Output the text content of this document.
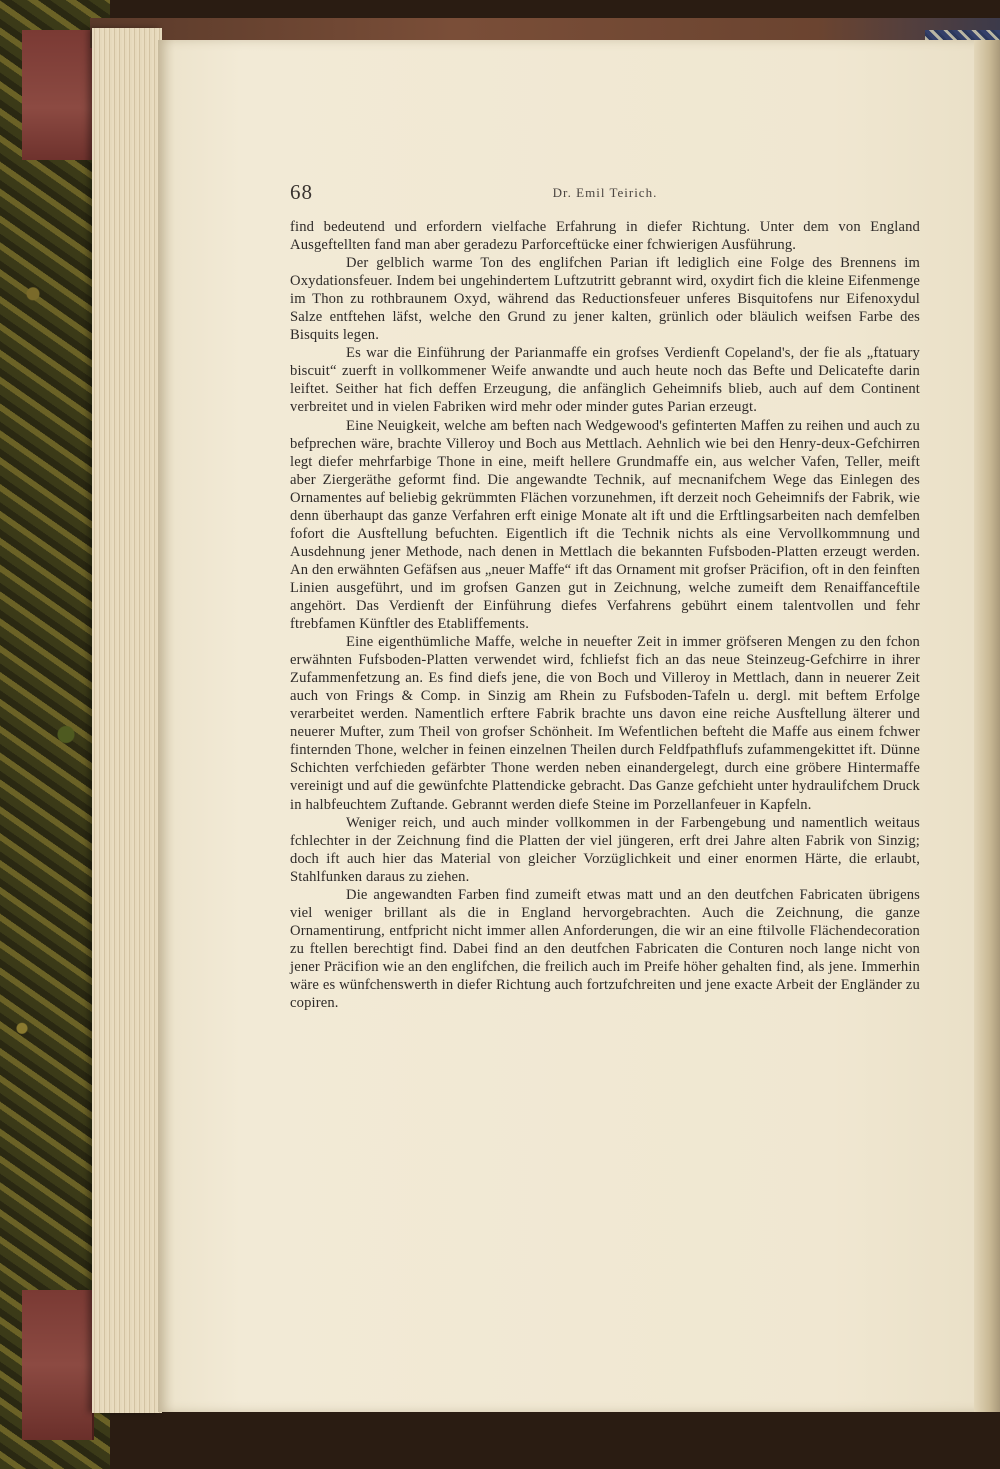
68	Dr. Emil Teirich.

find bedeutend und erfordern vielfache Erfahrung in diefer Richtung. Unter dem von England Ausgeftellten fand man aber geradezu Parforceftücke einer fchwierigen Ausführung.

Der gelblich warme Ton des englifchen Parian ift lediglich eine Folge des Brennens im Oxydationsfeuer. Indem bei ungehindertem Luftzutritt gebrannt wird, oxydirt fich die kleine Eifenmenge im Thon zu rothbraunem Oxyd, während das Reductionsfeuer unferes Bisquitofens nur Eifenoxydul Salze entftehen läfst, welche den Grund zu jener kalten, grünlich oder bläulich weifsen Farbe des Bisquits legen.

Es war die Einführung der Parianmaffe ein grofses Verdienft Copeland's, der fie als „ftatuary biscuit“ zuerft in vollkommener Weife anwandte und auch heute noch das Befte und Delicatefte darin leiftet. Seither hat fich deffen Erzeugung, die anfänglich Geheimnifs blieb, auch auf dem Continent verbreitet und in vielen Fabriken wird mehr oder minder gutes Parian erzeugt.

Eine Neuigkeit, welche am beften nach Wedgewood's gefinterten Maffen zu reihen und auch zu befprechen wäre, brachte Villeroy und Boch aus Mettlach. Aehnlich wie bei den Henry-deux-Gefchirren legt diefer mehrfarbige Thone in eine, meift hellere Grundmaffe ein, aus welcher Vafen, Teller, meift aber Ziergeräthe geformt find. Die angewandte Technik, auf mecnanifchem Wege das Einlegen des Ornamentes auf beliebig gekrümmten Flächen vorzunehmen, ift derzeit noch Geheimnifs der Fabrik, wie denn überhaupt das ganze Verfahren erft einige Monate alt ift und die Erftlingsarbeiten nach demfelben fofort die Ausftellung befuchten. Eigentlich ift die Technik nichts als eine Vervollkommnung und Ausdehnung jener Methode, nach denen in Mettlach die bekannten Fufsboden-Platten erzeugt werden. An den erwähnten Gefäfsen aus „neuer Maffe“ ift das Ornament mit grofser Präcifion, oft in den feinften Linien ausgeführt, und im grofsen Ganzen gut in Zeichnung, welche zumeift dem Renaiffanceftile angehört. Das Verdienft der Einführung diefes Verfahrens gebührt einem talentvollen und fehr ftrebfamen Künftler des Etabliffements.

Eine eigenthümliche Maffe, welche in neuefter Zeit in immer gröfseren Mengen zu den fchon erwähnten Fufsboden-Platten verwendet wird, fchliefst fich an das neue Steinzeug-Gefchirre in ihrer Zufammenfetzung an. Es find diefs jene, die von Boch und Villeroy in Mettlach, dann in neuerer Zeit auch von Frings & Comp. in Sinzig am Rhein zu Fufsboden-Tafeln u. dergl. mit beftem Erfolge verarbeitet werden. Namentlich erftere Fabrik brachte uns davon eine reiche Ausftellung älterer und neuerer Mufter, zum Theil von grofser Schönheit. Im Wefentlichen befteht die Maffe aus einem fchwer finternden Thone, welcher in feinen einzelnen Theilen durch Feldfpathflufs zufammengekittet ift. Dünne Schichten verfchieden gefärbter Thone werden neben einandergelegt, durch eine gröbere Hintermaffe vereinigt und auf die gewünfchte Plattendicke gebracht. Das Ganze gefchieht unter hydraulifchem Druck in halbfeuchtem Zuftande. Gebrannt werden diefe Steine im Porzellanfeuer in Kapfeln.

Weniger reich, und auch minder vollkommen in der Farbengebung und namentlich weitaus fchlechter in der Zeichnung find die Platten der viel jüngeren, erft drei Jahre alten Fabrik von Sinzig; doch ift auch hier das Material von gleicher Vorzüglichkeit und einer enormen Härte, die erlaubt, Stahlfunken daraus zu ziehen.

Die angewandten Farben find zumeift etwas matt und an den deutfchen Fabricaten übrigens viel weniger brillant als die in England hervorgebrachten. Auch die Zeichnung, die ganze Ornamentirung, entfpricht nicht immer allen Anforderungen, die wir an eine ftilvolle Flächendecoration zu ftellen berechtigt find. Dabei find an den deutfchen Fabricaten die Conturen noch lange nicht von jener Präcifion wie an den englifchen, die freilich auch im Preife höher gehalten find, als jene. Immerhin wäre es wünfchenswerth in diefer Richtung auch fortzufchreiten und jene exacte Arbeit der Engländer zu copiren.
